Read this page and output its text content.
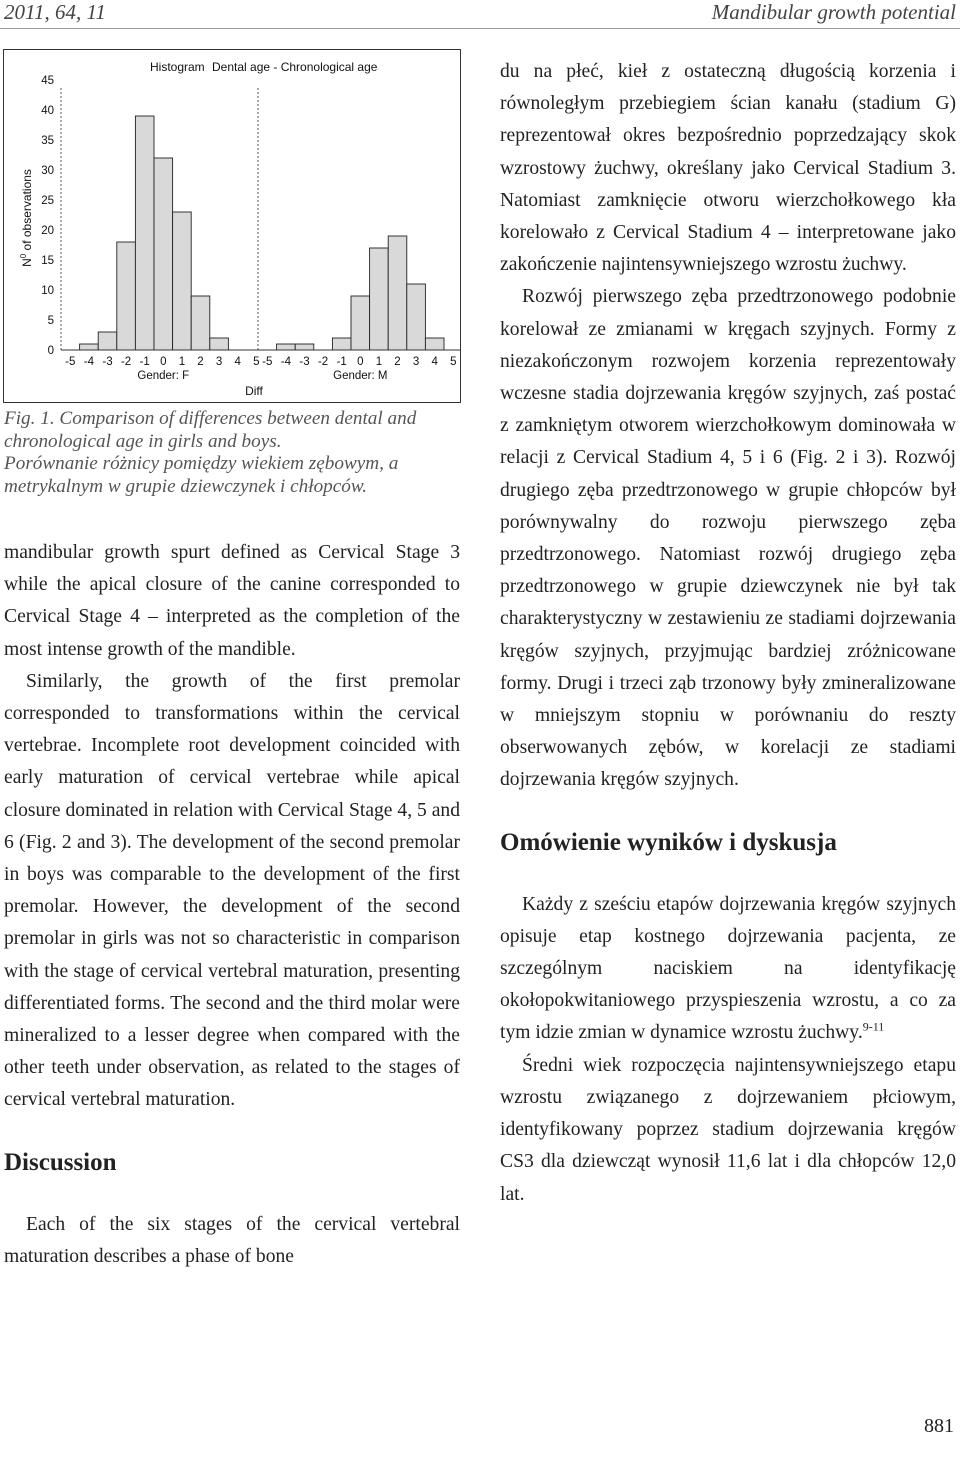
2011, 64, 11	Mandibular growth potential
Histogram Dental age - Chronological age
$N^0$ of observations
Diff
0
5
10
15
20
25
30
35
40
45
-5 -4 -3 -2 -1 0 1 2 3 4 5
Gender: F
-5 -4 -3 -2 -1 0 1 2 3 4 5
Gender: M

Fig. 1. Comparison of differences between dental and chronological age in girls and boys.

Porównanie różnicy pomiędzy wiekiem zębowym, a metrykalnym w grupie dziewczynek i chłopców.

mandibular growth spurt defined as Cervical Stage 3 while the apical closure of the canine corresponded to Cervical Stage 4 – interpreted as the completion of the most intense growth of the mandible.

Similarly, the growth of the first premolar corresponded to transformations within the cervical vertebrae. Incomplete root development coincided with early maturation of cervical vertebrae while apical closure dominated in relation with Cervical Stage 4, 5 and 6 (Fig. 2 and 3). The development of the second premolar in boys was comparable to the development of the first premolar. However, the development of the second premolar in girls was not so characteristic in comparison with the stage of cervical vertebral maturation, presenting differentiated forms. The second and the third molar were mineralized to a lesser degree when compared with the other teeth under observation, as related to the stages of cervical vertebral maturation.

Discussion

Each of the six stages of the cervical vertebral maturation describes a phase of bone

du na płeć, kieł z ostateczną długością korzenia i równoległym przebiegiem ścian kanału (stadium G) reprezentował okres bezpośrednio poprzedzający skok wzrostowy żuchwy, określany jako Cervical Stadium 3. Natomiast zamknięcie otworu wierzchołkowego kła korelowało z Cervical Stadium 4 – interpretowane jako zakończenie najintensywniejszego wzrostu żuchwy.

Rozwój pierwszego zęba przedtrzonowego podobnie korelował ze zmianami w kręgach szyjnych. Formy z niezakończonym rozwojem korzenia reprezentowały wczesne stadia dojrzewania kręgów szyjnych, zaś postać z zamkniętym otworem wierzchołkowym dominowała w relacji z Cervical Stadium 4, 5 i 6 (Fig. 2 i 3). Rozwój drugiego zęba przedtrzonowego w grupie chłopców był porównywalny do rozwoju pierwszego zęba przedtrzonowego. Natomiast rozwój drugiego zęba przedtrzonowego w grupie dziewczynek nie był tak charakterystyczny w zestawieniu ze stadiami dojrzewania kręgów szyjnych, przyjmując bardziej zróżnicowane formy. Drugi i trzeci ząb trzonowy były zmineralizowane w mniejszym stopniu w porównaniu do reszty obserwowanych zębów, w korelacji ze stadiami dojrzewania kręgów szyjnych.

Omówienie wyników i dyskusja

Każdy z sześciu etapów dojrzewania kręgów szyjnych opisuje etap kostnego dojrzewania pacjenta, ze szczególnym naciskiem na identyfikację okołopokwitaniowego przyspieszenia wzrostu, a co za tym idzie zmian w dynamice wzrostu żuchwy.$^{9-11}$

Średni wiek rozpoczęcia najintensywniejszego etapu wzrostu związanego z dojrzewaniem płciowym, identyfikowany poprzez stadium dojrzewania kręgów CS3 dla dziewcząt wynosił 11,6 lat i dla chłopców 12,0 lat.

881
